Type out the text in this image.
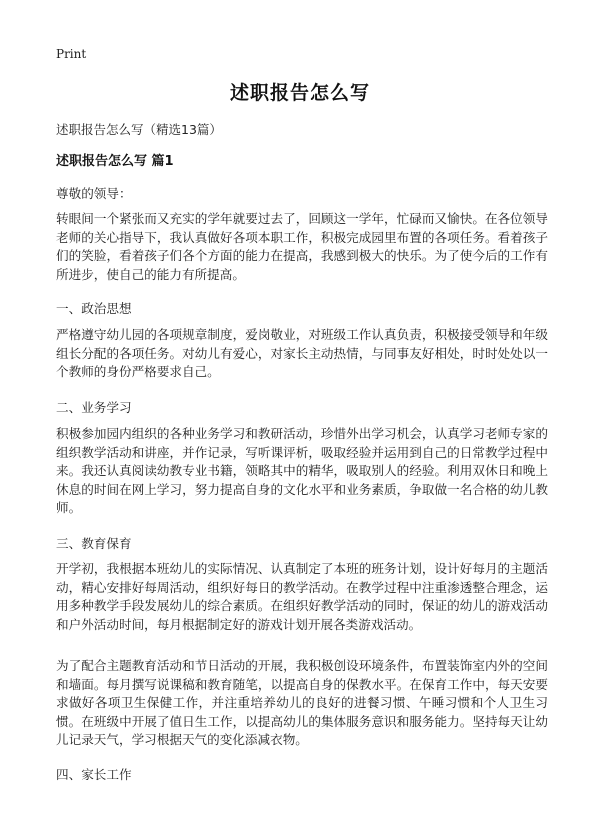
Print
述职报告怎么写
述职报告怎么写（精选13篇）
述职报告怎么写 篇1
尊敬的领导：

转眼间一个紧张而又充实的学年就要过去了，回顾这一学年，忙碌而又愉快。在各位领导老师的关心指导下，我认真做好各项本职工作，积极完成园里布置的各项任务。看着孩子们的笑脸，看着孩子们各个方面的能力在提高，我感到极大的快乐。为了使今后的工作有所进步，使自己的能力有所提高。

一、政治思想

严格遵守幼儿园的各项规章制度，爱岗敬业，对班级工作认真负责，积极接受领导和年级组长分配的各项任务。对幼儿有爱心，对家长主动热情，与同事友好相处，时时处处以一个教师的身份严格要求自己。

二、业务学习

积极参加园内组织的各种业务学习和教研活动，珍惜外出学习机会，认真学习老师专家的组织教学活动和讲座，并作记录，写听课评析，吸取经验并运用到自己的日常教学过程中来。我还认真阅读幼教专业书籍，领略其中的精华，吸取别人的经验。利用双休日和晚上休息的时间在网上学习，努力提高自身的文化水平和业务素质，争取做一名合格的幼儿教师。

三、教育保育

开学初，我根据本班幼儿的实际情况、认真制定了本班的班务计划，设计好每月的主题活动，精心安排好每周活动，组织好每日的教学活动。在教学过程中注重渗透整合理念，运用多种教学手段发展幼儿的综合素质。在组织好教学活动的同时，保证的幼儿的游戏活动和户外活动时间，每月根据制定好的游戏计划开展各类游戏活动。

为了配合主题教育活动和节日活动的开展，我积极创设环境条件，布置装饰室内外的空间和墙面。每月撰写说课稿和教育随笔，以提高自身的保教水平。在保育工作中，每天安要求做好各项卫生保健工作，并注重培养幼儿的良好的进餐习惯、午睡习惯和个人卫生习惯。在班级中开展了值日生工作，以提高幼儿的集体服务意识和服务能力。坚持每天让幼儿记录天气，学习根据天气的变化添减衣物。

四、家长工作
